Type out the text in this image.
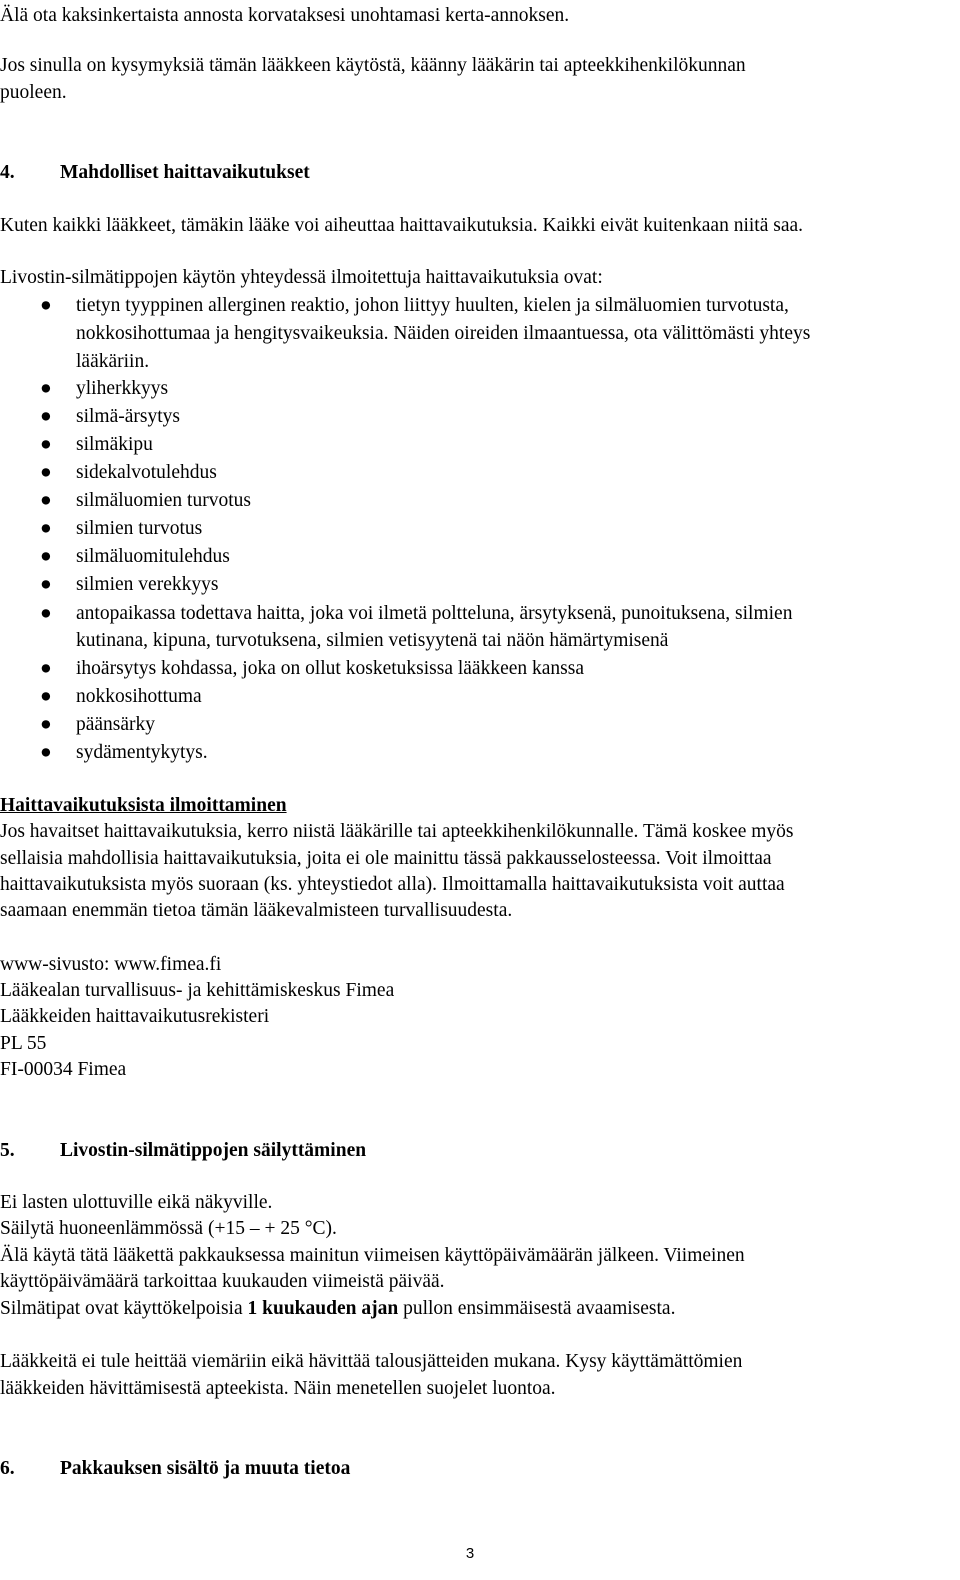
Älä ota kaksinkertaista annosta korvataksesi unohtamasi kerta-annoksen.

Jos sinulla on kysymyksiä tämän lääkkeen käytöstä, käänny lääkärin tai apteekkihenkilökunnan

puoleen.

4. Mahdolliset haittavaikutukset

Kuten kaikki lääkkeet, tämäkin lääke voi aiheuttaa haittavaikutuksia. Kaikki eivät kuitenkaan niitä saa.

Livostin-silmätippojen käytön yhteydessä ilmoitettuja haittavaikutuksia ovat:

● tietyn tyyppinen allerginen reaktio, johon liittyy huulten, kielen ja silmäluomien turvotusta,

nokkosihottumaa ja hengitysvaikeuksia. Näiden oireiden ilmaantuessa, ota välittömästi yhteys

lääkäriin.

● yliherkkyys

● silmä-ärsytys

● silmäkipu

● sidekalvotulehdus

● silmäluomien turvotus

● silmien turvotus

● silmäluomitulehdus

● silmien verekkyys

● antopaikassa todettava haitta, joka voi ilmetä poltteluna, ärsytyksenä, punoituksena, silmien

kutinana, kipuna, turvotuksena, silmien vetisyytenä tai näön hämärtymisenä

● ihoärsytys kohdassa, joka on ollut kosketuksissa lääkkeen kanssa

● nokkosihottuma

● päänsärky

● sydämentykytys.

Haittavaikutuksista ilmoittaminen

Jos havaitset haittavaikutuksia, kerro niistä lääkärille tai apteekkihenkilökunnalle. Tämä koskee myös

sellaisia mahdollisia haittavaikutuksia, joita ei ole mainittu tässä pakkausselosteessa. Voit ilmoittaa

haittavaikutuksista myös suoraan (ks. yhteystiedot alla). Ilmoittamalla haittavaikutuksista voit auttaa

saamaan enemmän tietoa tämän lääkevalmisteen turvallisuudesta.

www-sivusto: www.fimea.fi

Lääkealan turvallisuus- ja kehittämiskeskus Fimea

Lääkkeiden haittavaikutusrekisteri

PL 55

FI-00034 Fimea

5. Livostin-silmätippojen säilyttäminen

Ei lasten ulottuville eikä näkyville.

Säilytä huoneenlämmössä (+15 – + 25 °C).

Älä käytä tätä lääkettä pakkauksessa mainitun viimeisen käyttöpäivämäärän jälkeen. Viimeinen

käyttöpäivämäärä tarkoittaa kuukauden viimeistä päivää.

Silmätipat ovat käyttökelpoisia 1 kuukauden ajan pullon ensimmäisestä avaamisesta.

Lääkkeitä ei tule heittää viemäriin eikä hävittää talousjätteiden mukana. Kysy käyttämättömien

lääkkeiden hävittämisestä apteekista. Näin menetellen suojelet luontoa.

6. Pakkauksen sisältö ja muuta tietoa

3
